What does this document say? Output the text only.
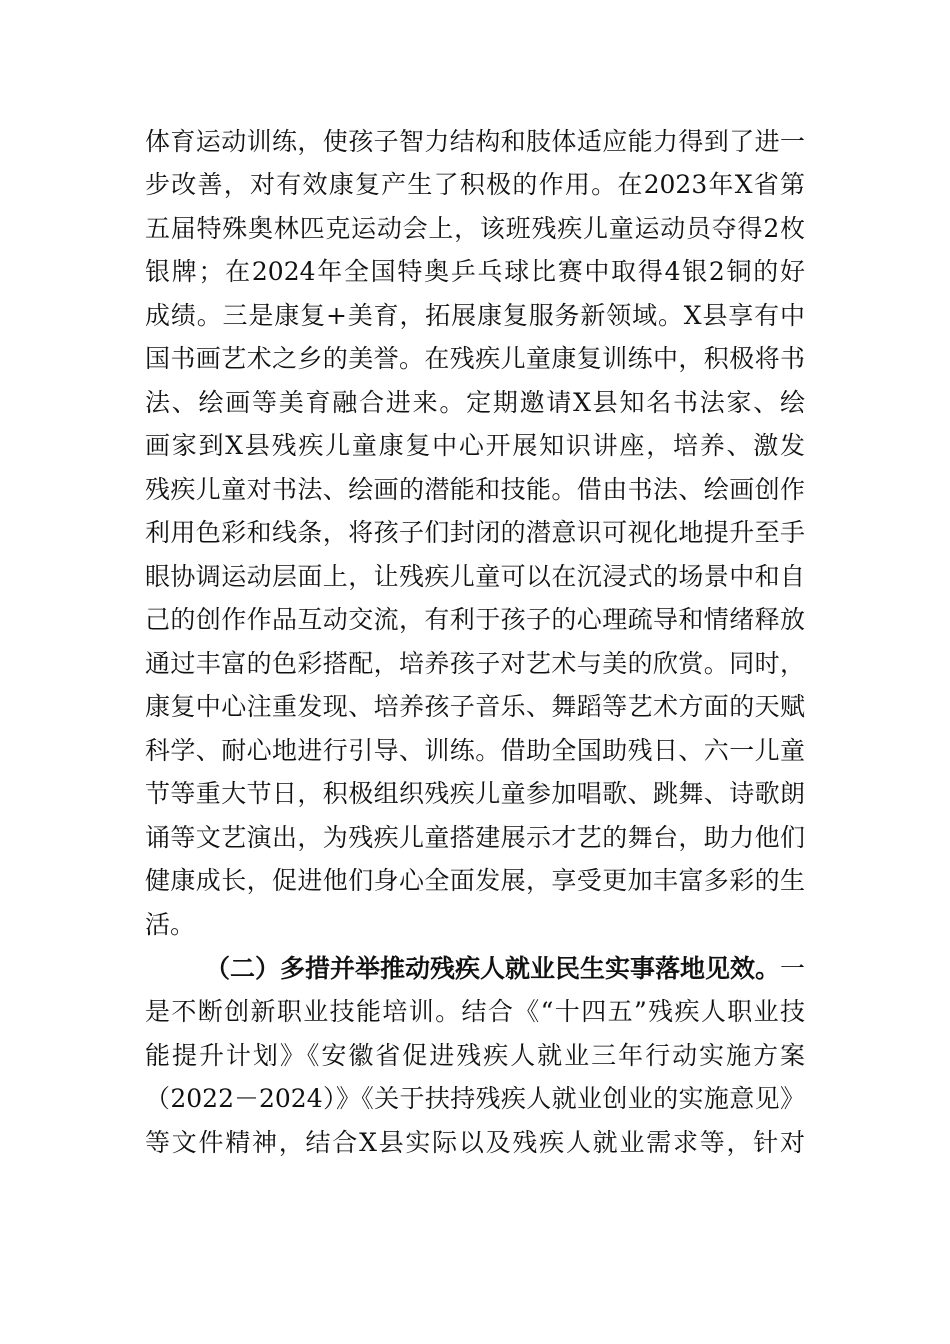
体育运动训练，使孩子智力结构和肢体适应能力得到了进一
步改善，对有效康复产生了积极的作用。在2023年X省第
五届特殊奥林匹克运动会上，该班残疾儿童运动员夺得2枚
银牌；在2024年全国特奥乒乓球比赛中取得4银2铜的好
成绩。三是康复+美育，拓展康复服务新领域。X县享有中
国书画艺术之乡的美誉。在残疾儿童康复训练中，积极将书
法、绘画等美育融合进来。定期邀请X县知名书法家、绘
画家到X县残疾儿童康复中心开展知识讲座，培养、激发
残疾儿童对书法、绘画的潜能和技能。借由书法、绘画创作
利用色彩和线条，将孩子们封闭的潜意识可视化地提升至手
眼协调运动层面上，让残疾儿童可以在沉浸式的场景中和自
己的创作作品互动交流，有利于孩子的心理疏导和情绪释放
通过丰富的色彩搭配，培养孩子对艺术与美的欣赏。同时，
康复中心注重发现、培养孩子音乐、舞蹈等艺术方面的天赋
科学、耐心地进行引导、训练。借助全国助残日、六一儿童
节等重大节日，积极组织残疾儿童参加唱歌、跳舞、诗歌朗
诵等文艺演出，为残疾儿童搭建展示才艺的舞台，助力他们
健康成长，促进他们身心全面发展，享受更加丰富多彩的生
活。
（二）多措并举推动残疾人就业民生实事落地见效。一
是不断创新职业技能培训。结合《“十四五”残疾人职业技
能提升计划》《安徽省促进残疾人就业三年行动实施方案
（2022－2024）》《关于扶持残疾人就业创业的实施意见》
等文件精神，结合X县实际以及残疾人就业需求等，针对
